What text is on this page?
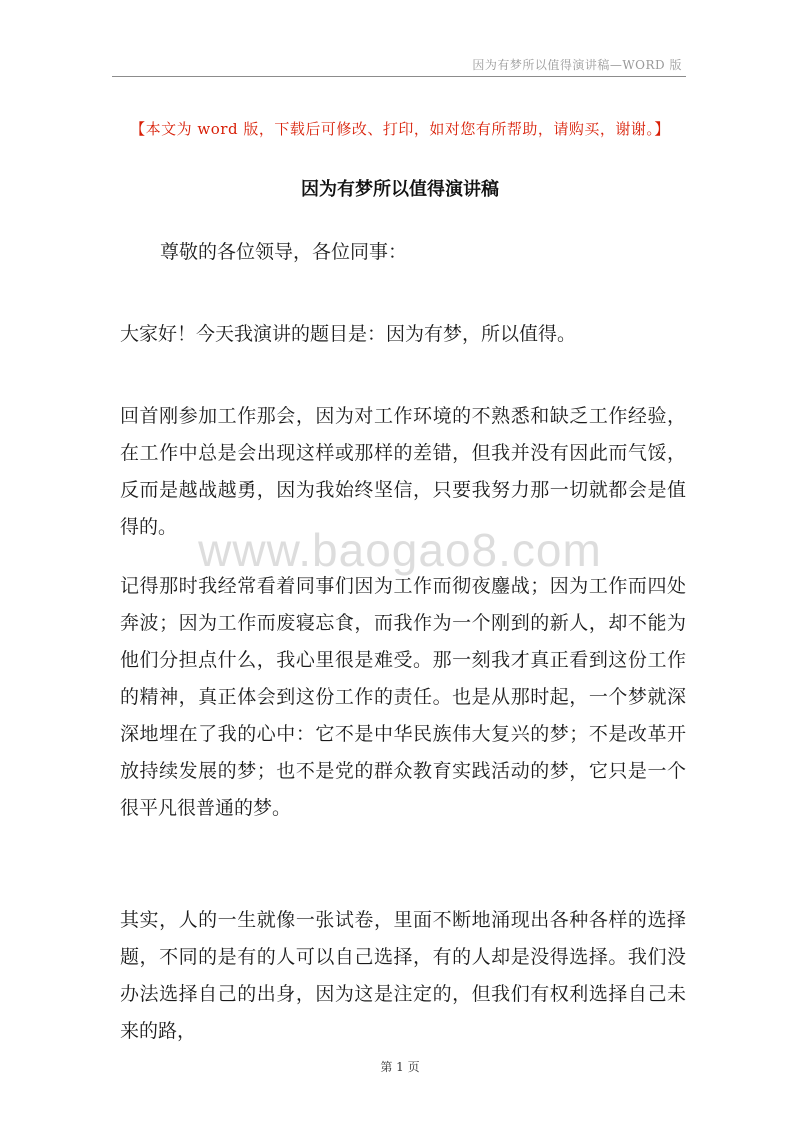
因为有梦所以值得演讲稿—WORD 版
【本文为 word 版，下载后可修改、打印，如对您有所帮助，请购买，谢谢。】
因为有梦所以值得演讲稿

尊敬的各位领导，各位同事：

大家好！今天我演讲的题目是：因为有梦，所以值得。

回首刚参加工作那会，因为对工作环境的不熟悉和缺乏工作经验，在工作中总是会出现这样或那样的差错，但我并没有因此而气馁，反而是越战越勇，因为我始终坚信，只要我努力那一切就都会是值得的。

记得那时我经常看着同事们因为工作而彻夜鏖战；因为工作而四处奔波；因为工作而废寝忘食，而我作为一个刚到的新人，却不能为他们分担点什么，我心里很是难受。那一刻我才真正看到这份工作的精神，真正体会到这份工作的责任。也是从那时起，一个梦就深深地埋在了我的心中：它不是中华民族伟大复兴的梦；不是改革开放持续发展的梦；也不是党的群众教育实践活动的梦，它只是一个很平凡很普通的梦。

其实，人的一生就像一张试卷，里面不断地涌现出各种各样的选择题，不同的是有的人可以自己选择，有的人却是没得选择。我们没办法选择自己的出身，因为这是注定的，但我们有权利选择自己未来的路，

www.baogao8.com
第 1 页
